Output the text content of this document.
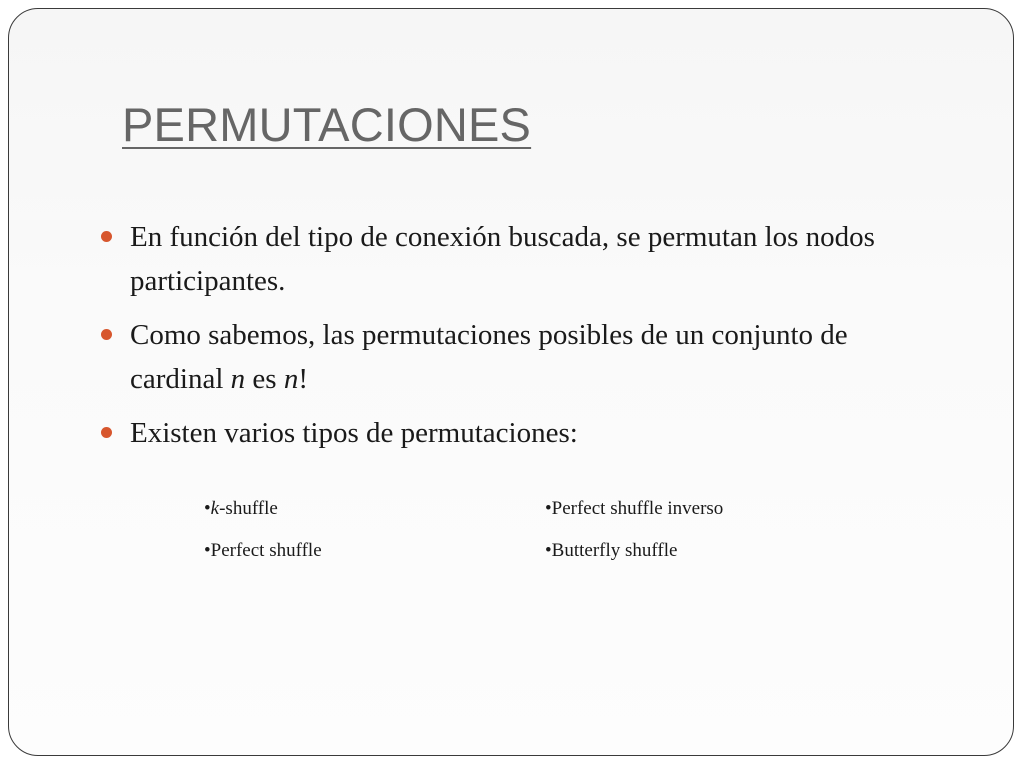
PERMUTACIONES
En función del tipo de conexión buscada, se permutan los nodos participantes.
Como sabemos, las permutaciones posibles de un conjunto de cardinal n es n!
Existen varios tipos de permutaciones:
•k-shuffle
•Perfect shuffle
•Perfect shuffle inverso
•Butterfly shuffle
